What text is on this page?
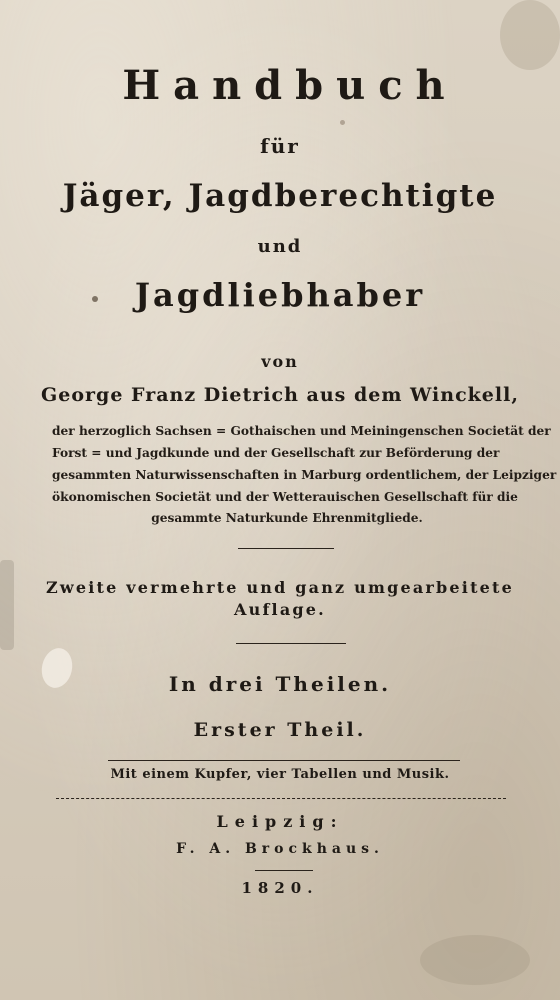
Handbuch
für
Jäger, Jagdberechtigte
und
Jagdliebhaber
von
George Franz Dietrich aus dem Winckell,
der herzoglich Sachsen = Gothaischen und Meiningenschen Societät der
Forst = und Jagdkunde und der Gesellschaft zur Beförderung der
gesammten Naturwissenschaften in Marburg ordentlichem, der Leipziger
ökonomischen Societät und der Wetterauischen Gesellschaft für die
gesammte Naturkunde Ehrenmitgliede.
Zweite vermehrte und ganz umgearbeitete
Auflage.
In drei Theilen.
Erster Theil.
Mit einem Kupfer, vier Tabellen und Musik.
Leipzig:
F. A. Brockhaus.
1820.
